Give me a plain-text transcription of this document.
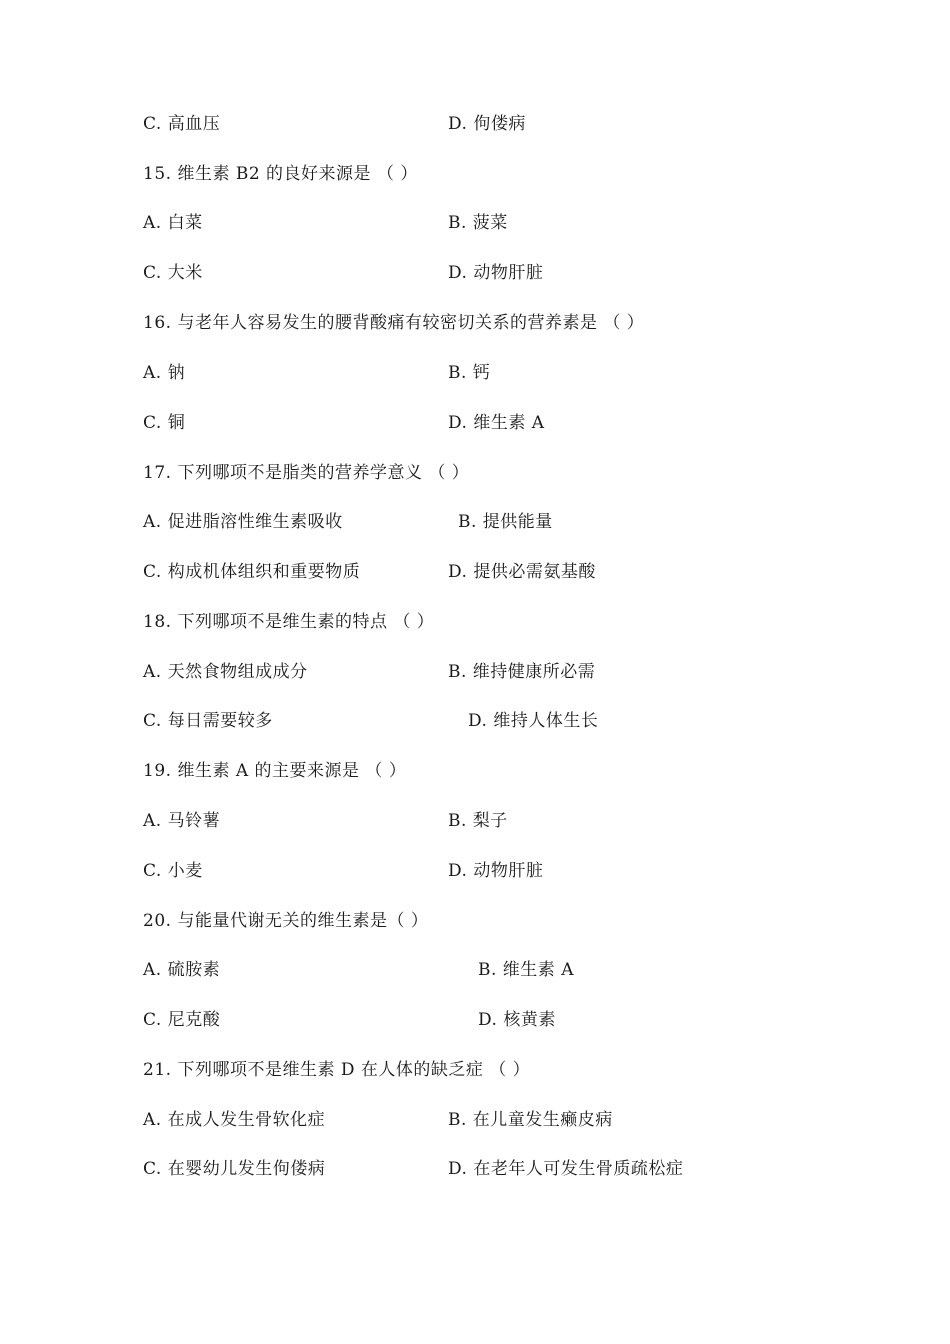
C. 高血压	D. 佝偻病
15. 维生素 B2 的良好来源是 （ ）
A. 白菜	B. 菠菜
C. 大米	D. 动物肝脏
16. 与老年人容易发生的腰背酸痛有较密切关系的营养素是 （ ）
A. 钠	B. 钙
C. 铜	D. 维生素 A
17. 下列哪项不是脂类的营养学意义 （ ）
A. 促进脂溶性维生素吸收	B. 提供能量
C. 构成机体组织和重要物质	D. 提供必需氨基酸
18. 下列哪项不是维生素的特点 （ ）
A. 天然食物组成成分	B. 维持健康所必需
C. 每日需要较多	D. 维持人体生长
19. 维生素 A 的主要来源是 （ ）
A. 马铃薯	B. 梨子
C. 小麦	D. 动物肝脏
20. 与能量代谢无关的维生素是（ ）
A. 硫胺素	B. 维生素 A
C. 尼克酸	D. 核黄素
21. 下列哪项不是维生素 D 在人体的缺乏症 （ ）
A. 在成人发生骨软化症	B. 在儿童发生癞皮病
C. 在婴幼儿发生佝偻病	D. 在老年人可发生骨质疏松症
